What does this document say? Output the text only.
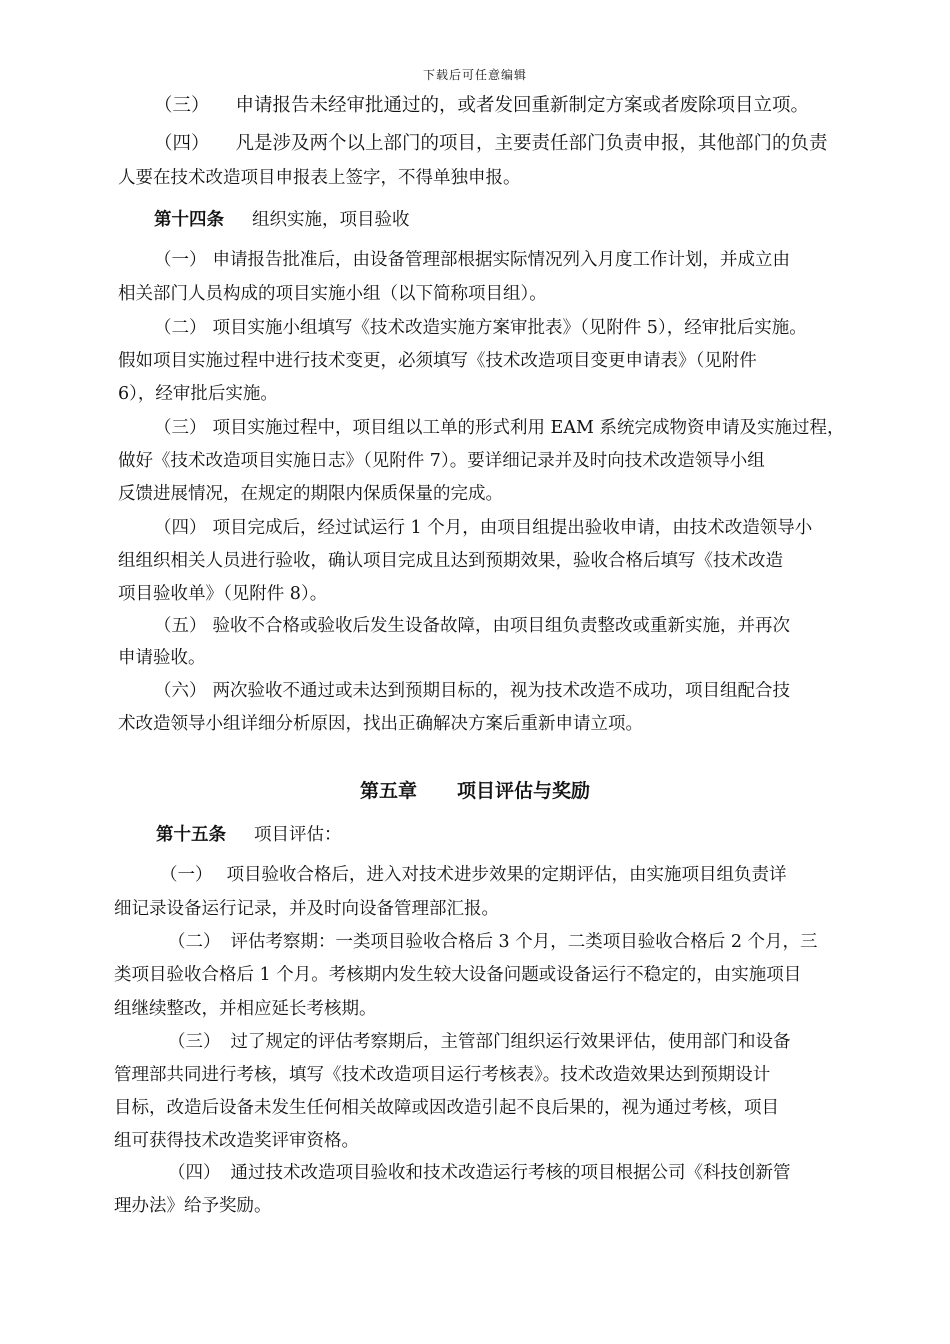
下载后可任意编辑
（三） 申请报告未经审批通过的，或者发回重新制定方案或者废除项目立项。
（四） 凡是涉及两个以上部门的项目，主要责任部门负责申报，其他部门的负责
人要在技术改造项目申报表上签字，不得单独申报。
第十四条 组织实施，项目验收
（一） 申请报告批准后，由设备管理部根据实际情况列入月度工作计划，并成立由
相关部门人员构成的项目实施小组（以下简称项目组）。
（二） 项目实施小组填写《技术改造实施方案审批表》（见附件 5），经审批后实施。
假如项目实施过程中进行技术变更，必须填写《技术改造项目变更申请表》（见附件
6），经审批后实施。
（三） 项目实施过程中，项目组以工单的形式利用 EAM 系统完成物资申请及实施过程，
做好《技术改造项目实施日志》（见附件 7）。要详细记录并及时向技术改造领导小组
反馈进展情况，在规定的期限内保质保量的完成。
（四） 项目完成后，经过试运行 1 个月，由项目组提出验收申请，由技术改造领导小
组组织相关人员进行验收，确认项目完成且达到预期效果，验收合格后填写《技术改造
项目验收单》（见附件 8）。
（五） 验收不合格或验收后发生设备故障，由项目组负责整改或重新实施，并再次
申请验收。
（六） 两次验收不通过或未达到预期目标的，视为技术改造不成功，项目组配合技
术改造领导小组详细分析原因，找出正确解决方案后重新申请立项。
第五章 项目评估与奖励
第十五条 项目评估：
（一） 项目验收合格后，进入对技术进步效果的定期评估，由实施项目组负责详
细记录设备运行记录，并及时向设备管理部汇报。
（二） 评估考察期：一类项目验收合格后 3 个月，二类项目验收合格后 2 个月，三
类项目验收合格后 1 个月。考核期内发生较大设备问题或设备运行不稳定的，由实施项目
组继续整改，并相应延长考核期。
（三） 过了规定的评估考察期后，主管部门组织运行效果评估，使用部门和设备
管理部共同进行考核，填写《技术改造项目运行考核表》。技术改造效果达到预期设计
目标，改造后设备未发生任何相关故障或因改造引起不良后果的，视为通过考核，项目
组可获得技术改造奖评审资格。
（四） 通过技术改造项目验收和技术改造运行考核的项目根据公司《科技创新管
理办法》给予奖励。
